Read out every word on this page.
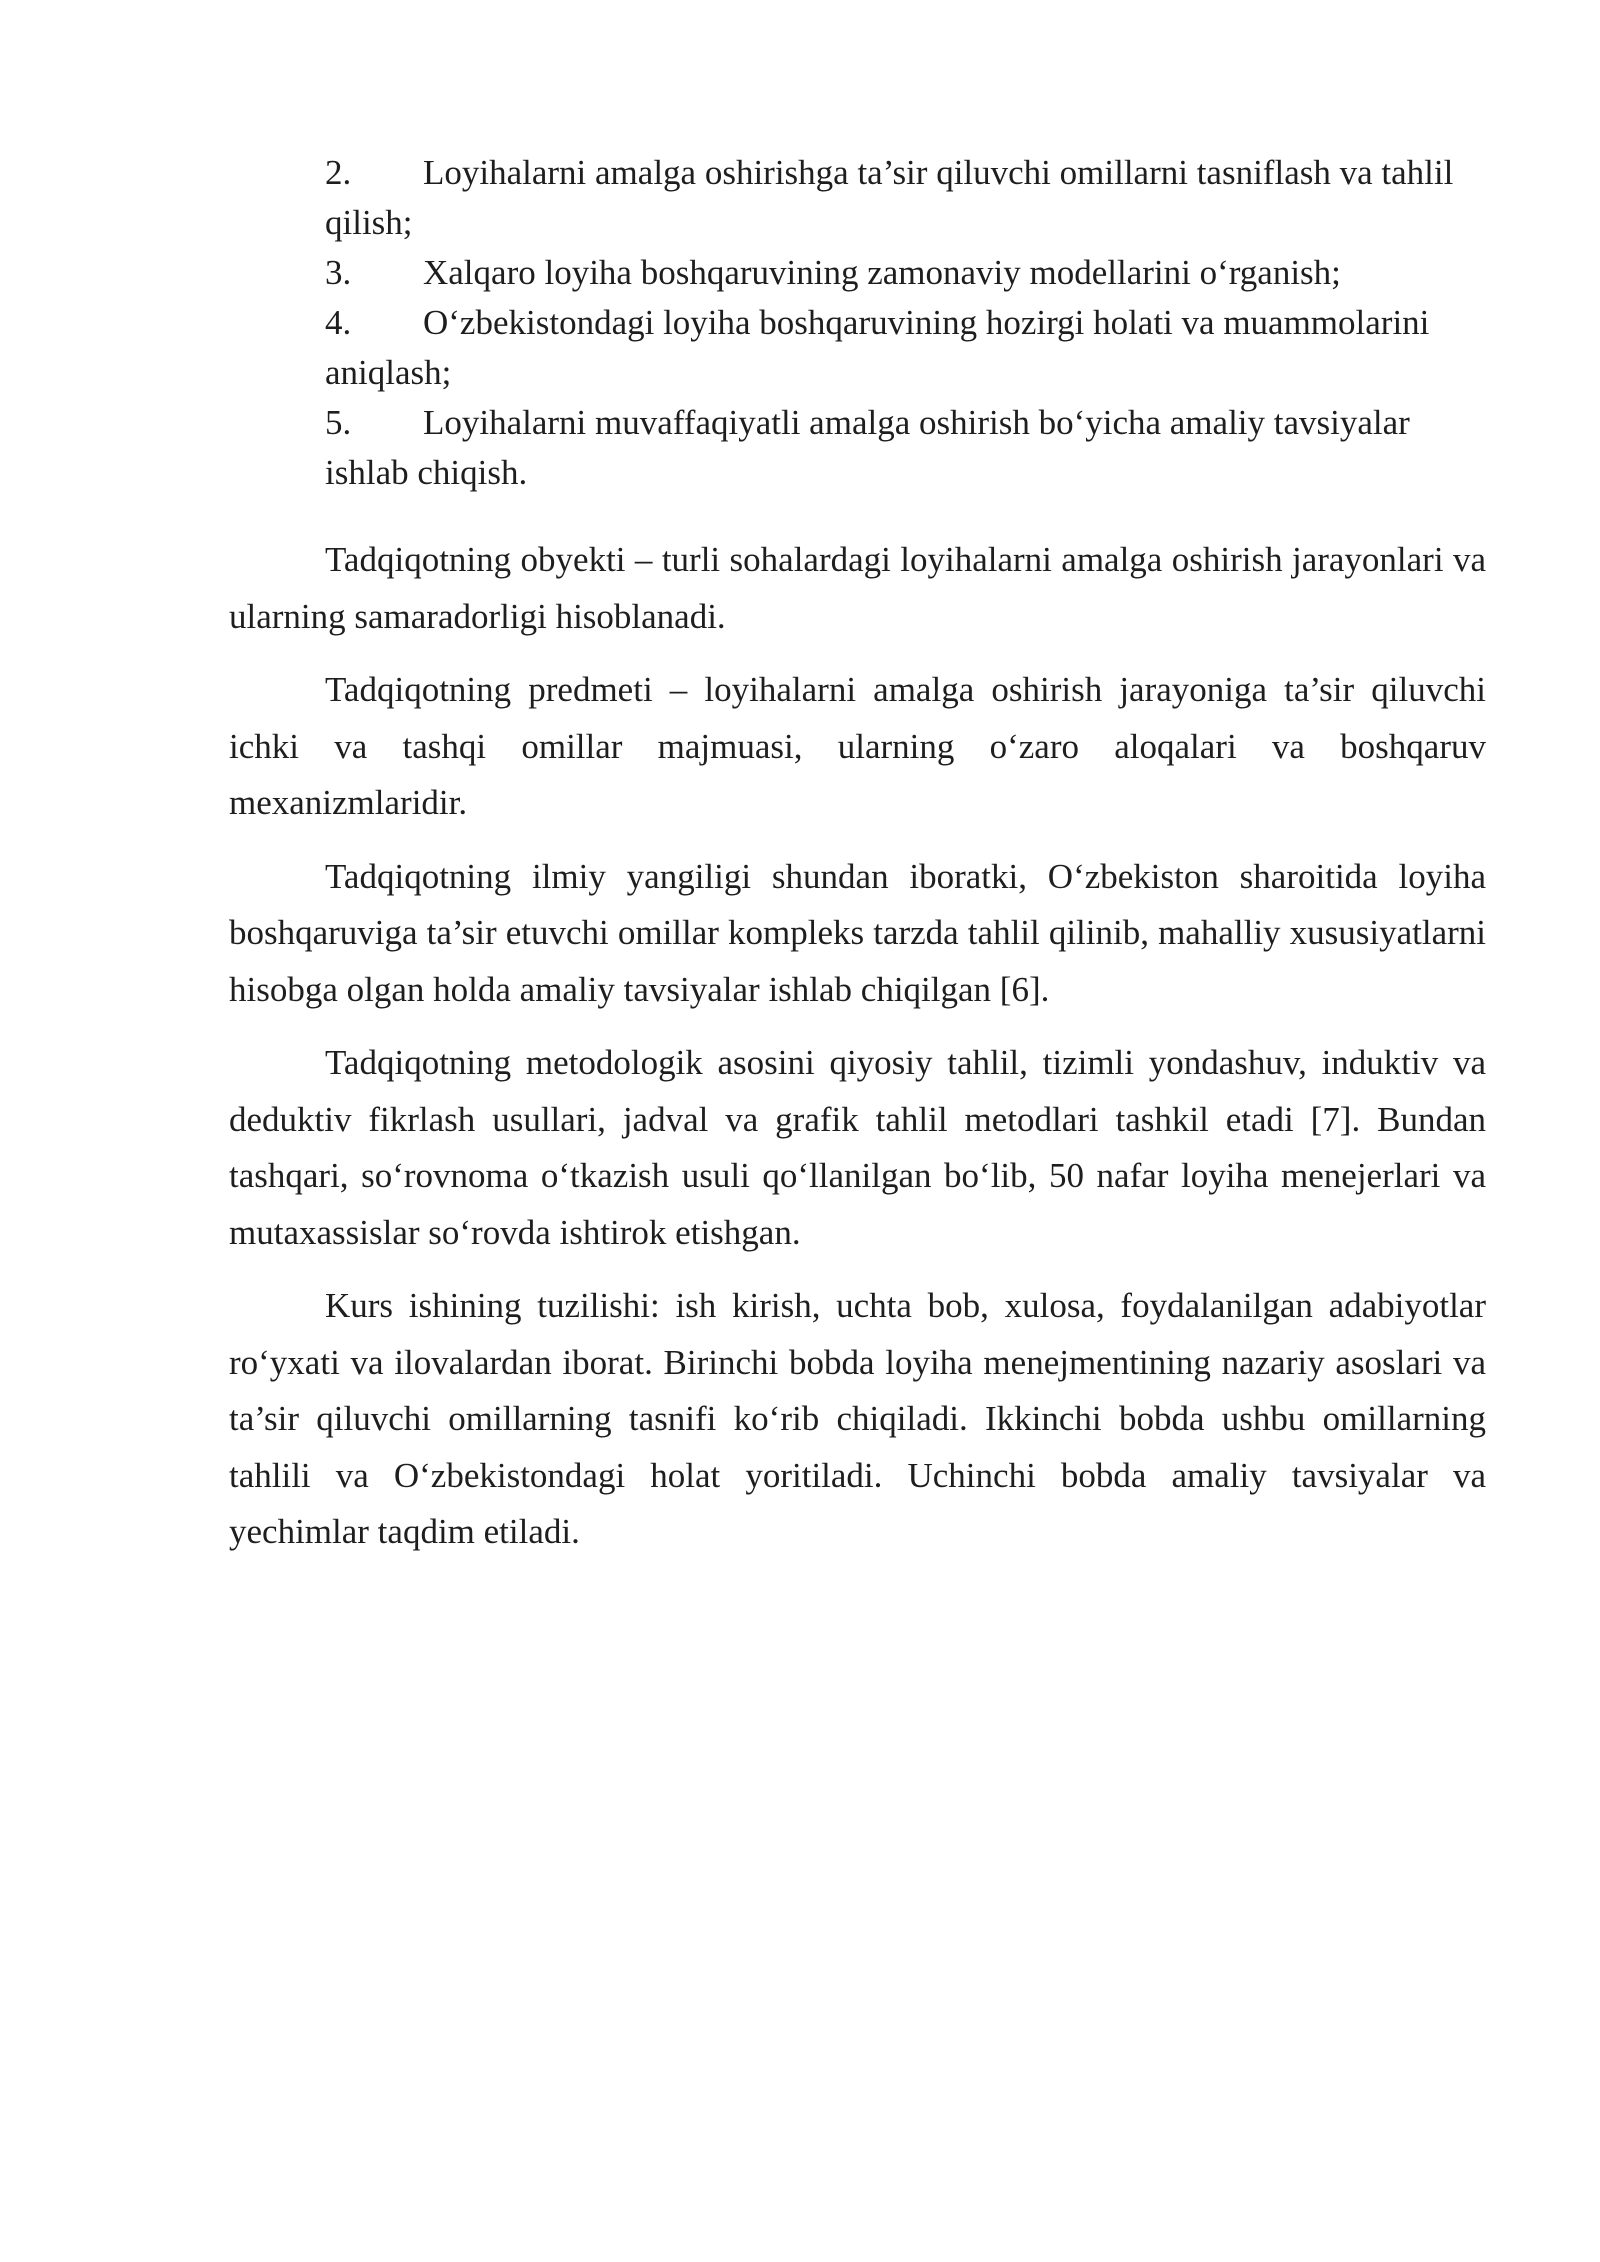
2. Loyihalarni amalga oshirishga ta’sir qiluvchi omillarni tasniflash va tahlil qilish;
3. Xalqaro loyiha boshqaruvining zamonaviy modellarini o‘rganish;
4. O‘zbekistondagi loyiha boshqaruvining hozirgi holati va muammolarini aniqlash;
5. Loyihalarni muvaffaqiyatli amalga oshirish bo‘yicha amaliy tavsiyalar ishlab chiqish.

Tadqiqotning obyekti – turli sohalardagi loyihalarni amalga oshirish jarayonlari va ularning samaradorligi hisoblanadi.

Tadqiqotning predmeti – loyihalarni amalga oshirish jarayoniga ta’sir qiluvchi ichki va tashqi omillar majmuasi, ularning o‘zaro aloqalari va boshqaruv mexanizmlaridir.

Tadqiqotning ilmiy yangiligi shundan iboratki, O‘zbekiston sharoitida loyiha boshqaruviga ta’sir etuvchi omillar kompleks tarzda tahlil qilinib, mahalliy xususiyatlarni hisobga olgan holda amaliy tavsiyalar ishlab chiqilgan [6].

Tadqiqotning metodologik asosini qiyosiy tahlil, tizimli yondashuv, induktiv va deduktiv fikrlash usullari, jadval va grafik tahlil metodlari tashkil etadi [7]. Bundan tashqari, so‘rovnoma o‘tkazish usuli qo‘llanilgan bo‘lib, 50 nafar loyiha menejerlari va mutaxassislar so‘rovda ishtirok etishgan.

Kurs ishining tuzilishi: ish kirish, uchta bob, xulosa, foydalanilgan adabiyotlar ro‘yxati va ilovalardan iborat. Birinchi bobda loyiha menejmentining nazariy asoslari va ta’sir qiluvchi omillarning tasnifi ko‘rib chiqiladi. Ikkinchi bobda ushbu omillarning tahlili va O‘zbekistondagi holat yoritiladi. Uchinchi bobda amaliy tavsiyalar va yechimlar taqdim etiladi.
